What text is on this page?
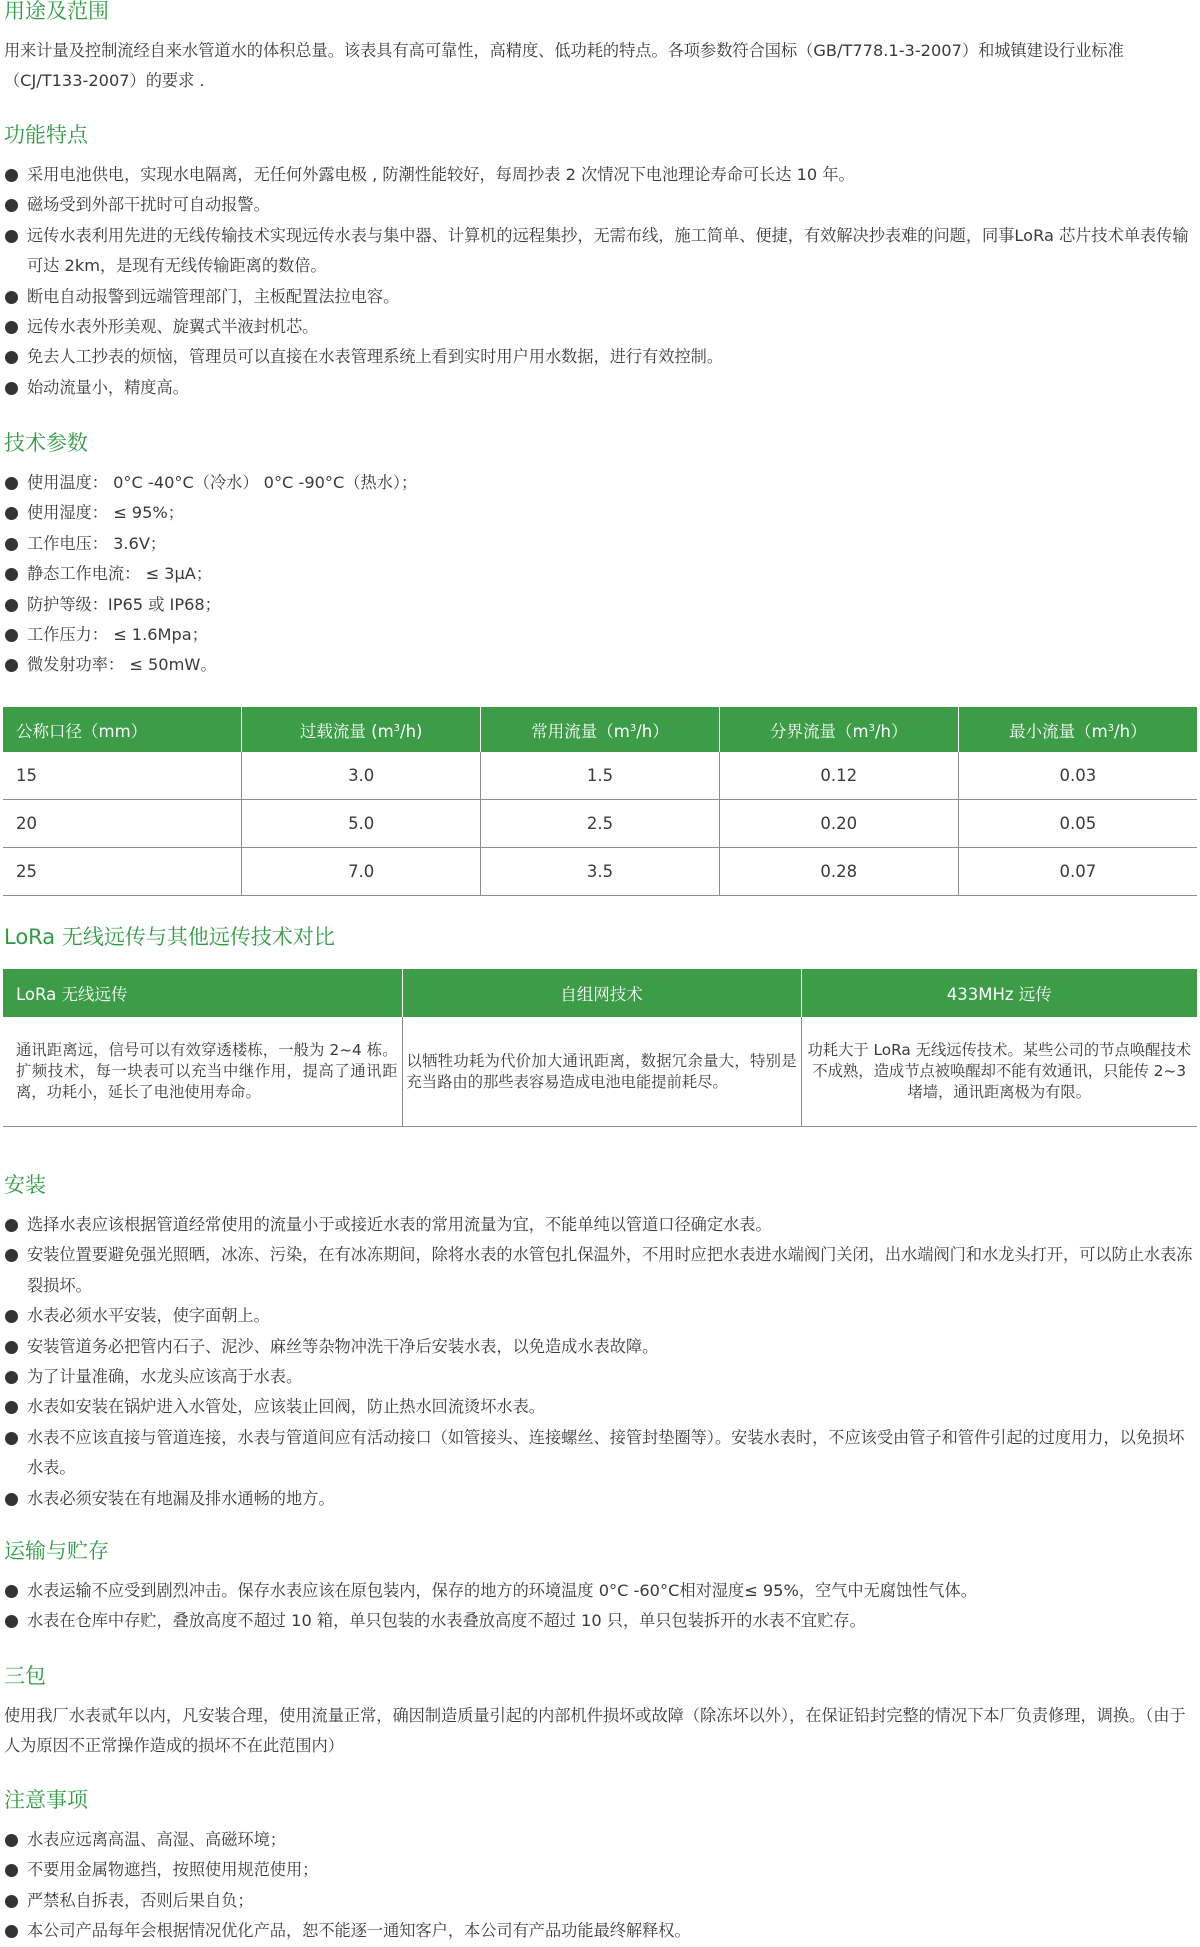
用途及范围

用来计量及控制流经自来水管道水的体积总量。该表具有高可靠性，高精度、低功耗的特点。各项参数符合国标（GB/T778.1-3-2007）和城镇建设行业标准（CJ/T133-2007）的要求 .

功能特点
采用电池供电，实现水电隔离，无任何外露电极 , 防潮性能较好，每周抄表 2 次情况下电池理论寿命可长达 10 年。
磁场受到外部干扰时可自动报警。
远传水表利用先进的无线传输技术实现远传水表与集中器、计算机的远程集抄，无需布线，施工简单、便捷，有效解决抄表难的问题，同事LoRa 芯片技术单表传输可达 2km，是现有无线传输距离的数倍。
断电自动报警到远端管理部门，主板配置法拉电容。
远传水表外形美观、旋翼式半液封机芯。
免去人工抄表的烦恼，管理员可以直接在水表管理系统上看到实时用户用水数据，进行有效控制。
始动流量小，精度高。
技术参数
使用温度： 0°C -40°C（冷水） 0°C -90°C（热水）；
使用湿度： ≤ 95%；
工作电压： 3.6V；
静态工作电流： ≤ 3μA；
防护等级：IP65 或 IP68；
工作压力： ≤ 1.6Mpa；
微发射功率： ≤ 50mW。
公称口径（mm）	过载流量 $(m^3/h)$	常用流量$(m^3/h)$	分界流量$(m^3/h)$	最小流量$(m^3/h)$
15	3.0	1.5	0.12	0.03
20	5.0	2.5	0.20	0.05
25	7.0	3.5	0.28	0.07
LoRa 无线远传与其他远传技术对比
LoRa 无线远传	自组网技术	433MHz 远传
通讯距离远，信号可以有效穿透楼栋，一般为 2~4 栋。扩频技术，每一块表可以充当中继作用，提高了通讯距离，功耗小，延长了电池使用寿命。	以牺牲功耗为代价加大通讯距离，数据冗余量大，特别是充当路由的那些表容易造成电池电能提前耗尽。	功耗大于 LoRa 无线远传技术。某些公司的节点唤醒技术不成熟，造成节点被唤醒却不能有效通讯，只能传 2~3 堵墙，通讯距离极为有限。
安装
选择水表应该根据管道经常使用的流量小于或接近水表的常用流量为宜，不能单纯以管道口径确定水表。
安装位置要避免强光照晒，冰冻、污染，在有冰冻期间，除将水表的水管包扎保温外，不用时应把水表进水端阀门关闭，出水端阀门和水龙头打开，可以防止水表冻裂损坏。
水表必须水平安装，使字面朝上。
安装管道务必把管内石子、泥沙、麻丝等杂物冲洗干净后安装水表，以免造成水表故障。
为了计量准确，水龙头应该高于水表。
水表如安装在锅炉进入水管处，应该装止回阀，防止热水回流烫坏水表。
水表不应该直接与管道连接，水表与管道间应有活动接口（如管接头、连接螺丝、接管封垫圈等）。安装水表时，不应该受由管子和管件引起的过度用力，以免损坏水表。
水表必须安装在有地漏及排水通畅的地方。
运输与贮存
水表运输不应受到剧烈冲击。保存水表应该在原包装内，保存的地方的环境温度 0°C -60°C相对湿度≤ 95%，空气中无腐蚀性气体。
水表在仓库中存贮，叠放高度不超过 10 箱，单只包装的水表叠放高度不超过 10 只，单只包装拆开的水表不宜贮存。
三包

使用我厂水表贰年以内，凡安装合理，使用流量正常，确因制造质量引起的内部机件损坏或故障（除冻坏以外），在保证铅封完整的情况下本厂负责修理，调换。（由于人为原因不正常操作造成的损坏不在此范围内）

注意事项
水表应远离高温、高湿、高磁环境；
不要用金属物遮挡，按照使用规范使用；
严禁私自拆表，否则后果自负；
本公司产品每年会根据情况优化产品，恕不能逐一通知客户，本公司有产品功能最终解释权。
